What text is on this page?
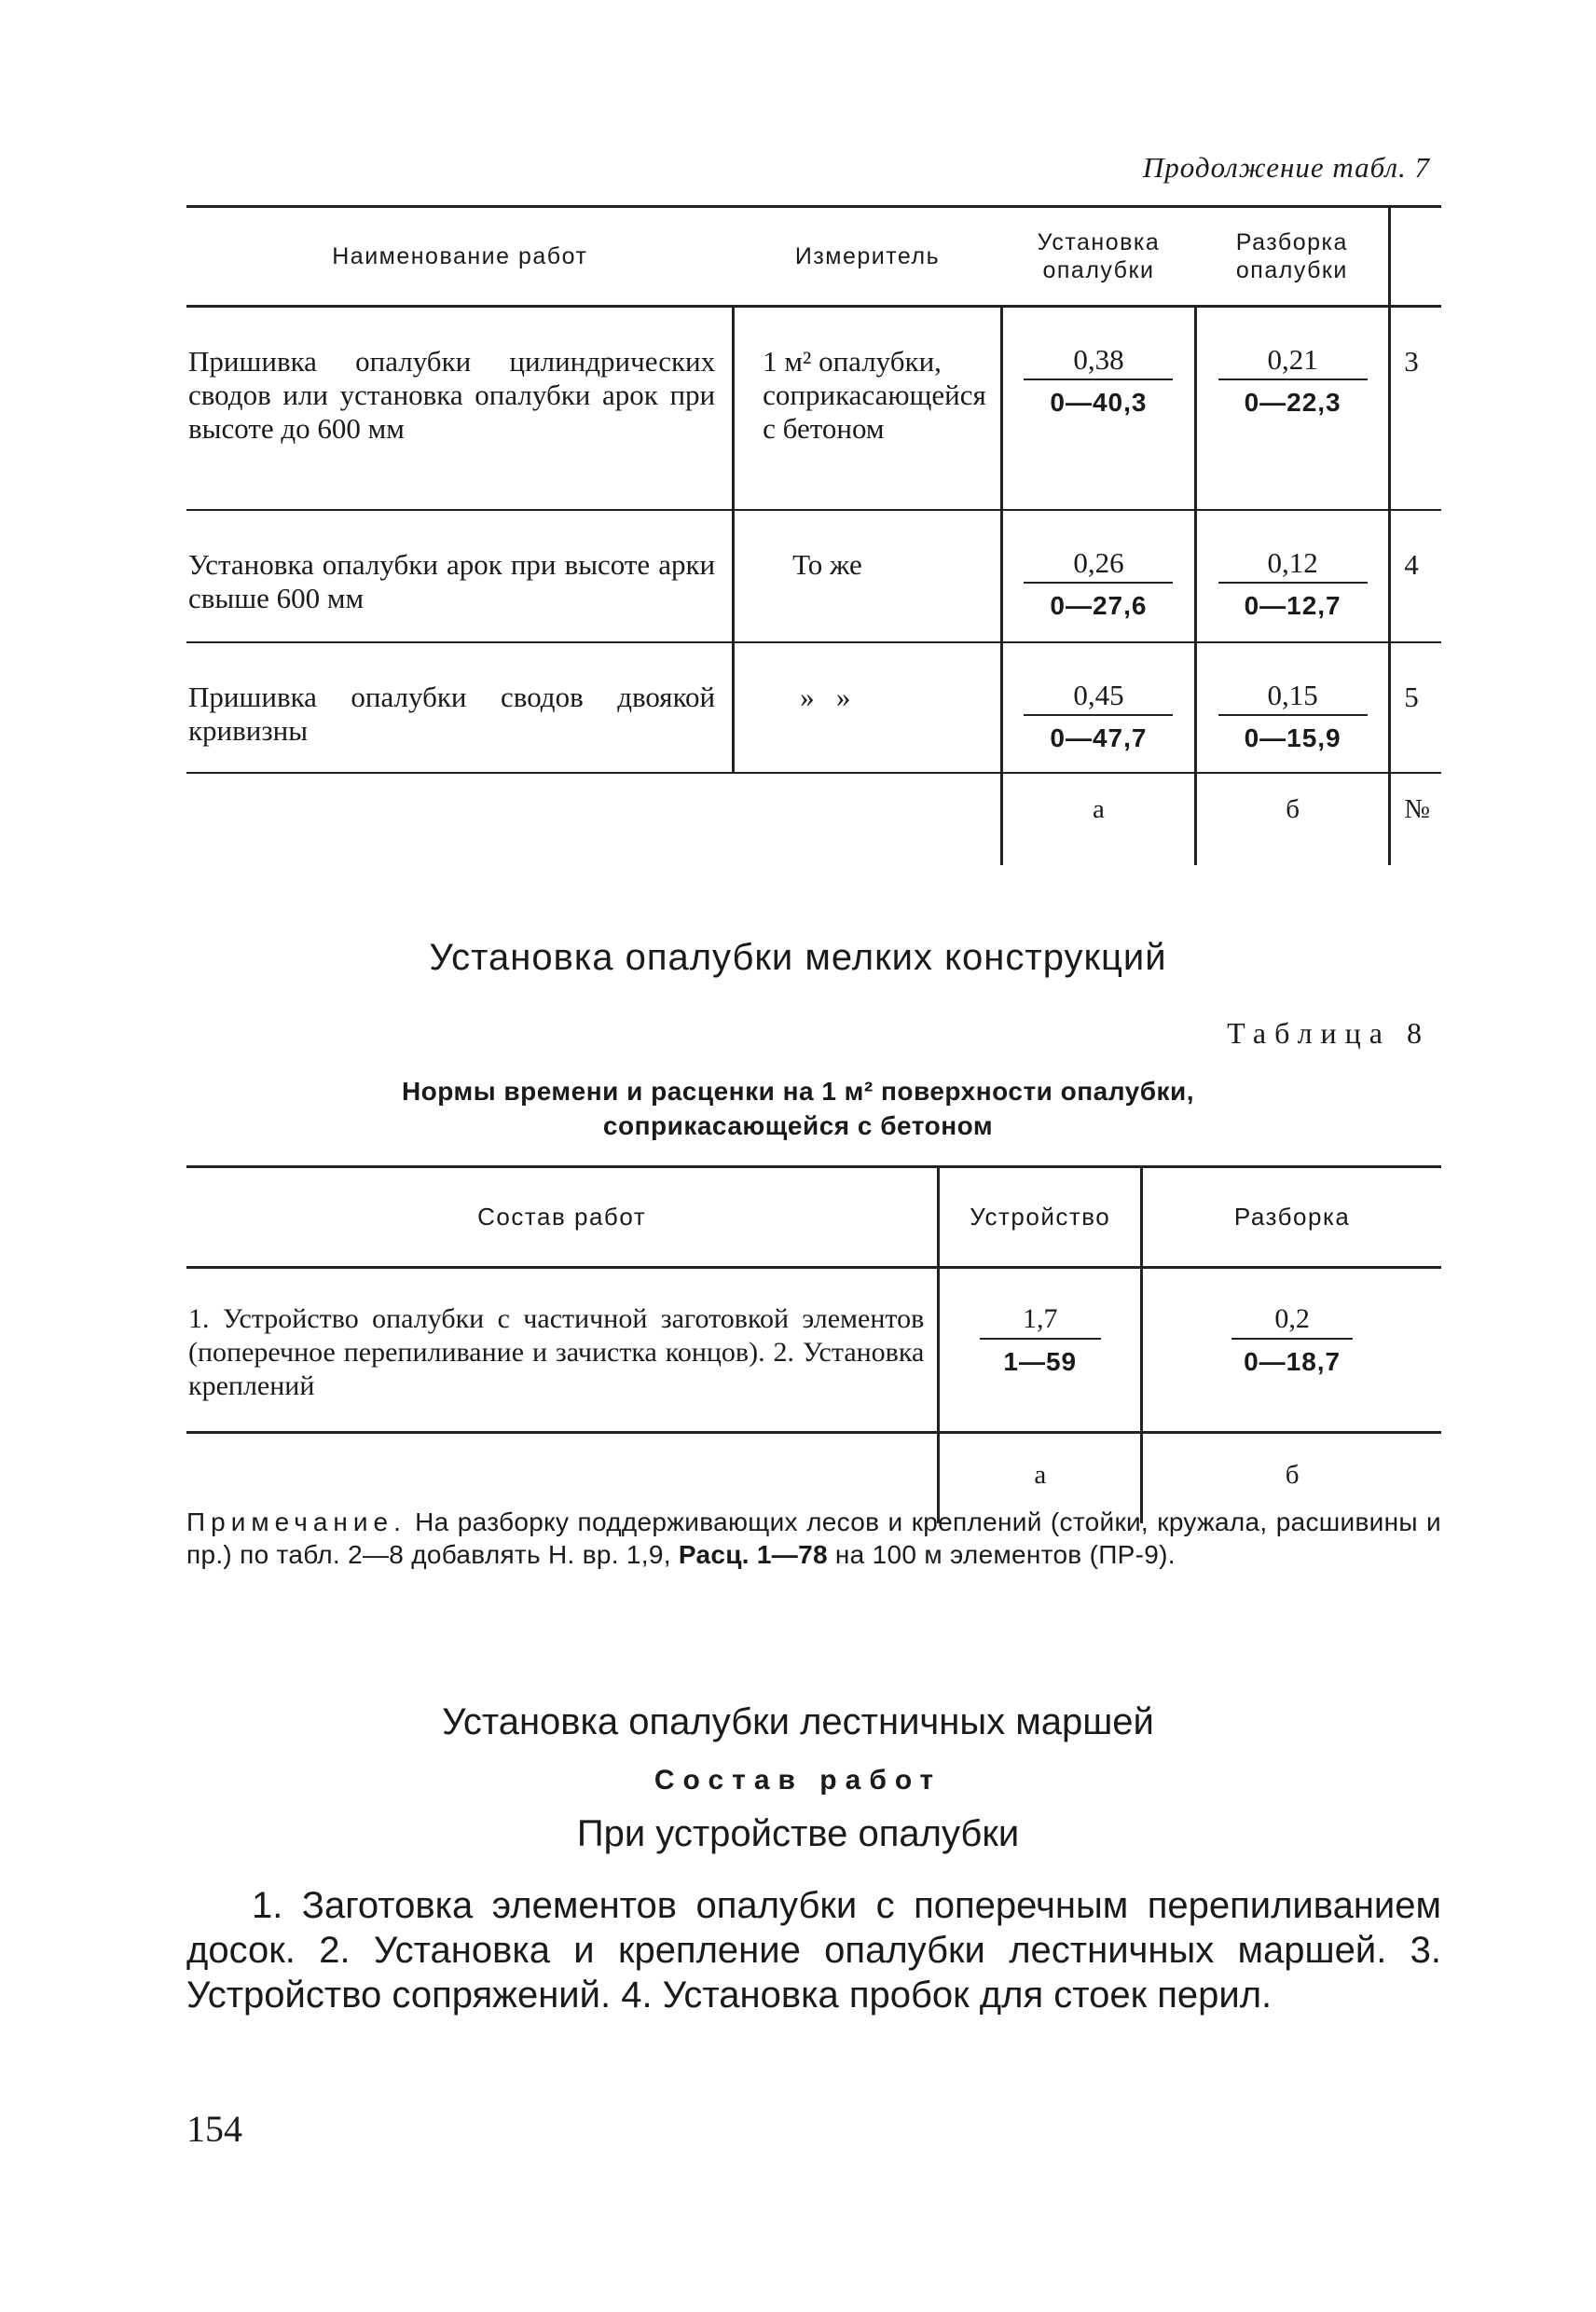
Продолжение табл. 7
Наименование работ	Измеритель	Установка опалубки	Разборка опалубки	
Пришивка опалубки цилиндрических сводов или установка опалубки арок при высоте до 600 мм	1 м² опалубки, соприкасающейся с бетоном	$\frac{0,38}{0—40,3}$	$\frac{0,21}{0—22,3}$	3
Установка опалубки арок при высоте арки свыше 600 мм	То же	$\frac{0,26}{0—27,6}$	$\frac{0,12}{0—12,7}$	4
Пришивка опалубки сводов двоякой кривизны	»   »	$\frac{0,45}{0—47,7}$	$\frac{0,15}{0—15,9}$	5
		а	б	№
Установка опалубки мелких конструкций
Таблица 8
Нормы времени и расценки на 1 м² поверхности опалубки,
соприкасающейся с бетоном
Состав работ	Устройство	Разборка
1. Устройство опалубки с частичной заготовкой элементов (поперечное перепиливание и зачистка концов). 2. Установка креплений	$\frac{1,7}{1—59}$	$\frac{0,2}{0—18,7}$

	а	б
Примечание. На разборку поддерживающих лесов и креплений (стойки, кружала, расшивины и пр.) по табл. 2—8 добавлять Н. вр. 1,9, Расц. 1—78 на 100 м элементов (ПР-9).
Установка опалубки лестничных маршей
Состав работ
При устройстве опалубки
1. Заготовка элементов опалубки с поперечным перепиливанием досок. 2. Установка и крепление опалубки лестничных маршей. 3. Устройство сопряжений. 4. Установка пробок для стоек перил.
154
